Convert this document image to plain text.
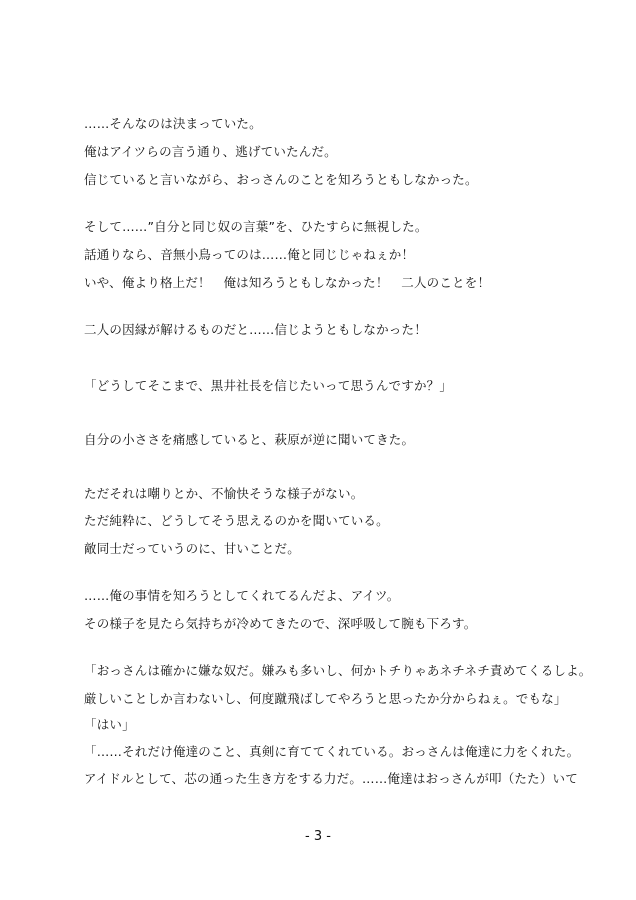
……そんなのは決まっていた。
俺はアイツらの言う通り、逃げていたんだ。
信じていると言いながら、おっさんのことを知ろうともしなかった。
そして……”自分と同じ奴の言葉”を、ひたすらに無視した。
話通りなら、音無小鳥ってのは……俺と同じじゃねぇか！
いや、俺より格上だ！　俺は知ろうともしなかった！　二人のことを！
二人の因縁が解けるものだと……信じようともしなかった！
「どうしてそこまで、黒井社長を信じたいって思うんですか？」
自分の小ささを痛感していると、萩原が逆に聞いてきた。
ただそれは嘲りとか、不愉快そうな様子がない。
ただ純粋に、どうしてそう思えるのかを聞いている。
敵同士だっていうのに、甘いことだ。
……俺の事情を知ろうとしてくれてるんだよ、アイツ。
その様子を見たら気持ちが冷めてきたので、深呼吸して腕も下ろす。
「おっさんは確かに嫌な奴だ。嫌みも多いし、何かトチりゃあネチネチ責めてくるしよ。
厳しいことしか言わないし、何度蹴飛ばしてやろうと思ったか分からねぇ。でもな」
「はい」
「……それだけ俺達のこと、真剣に育ててくれている。おっさんは俺達に力をくれた。
アイドルとして、芯の通った生き方をする力だ。……俺達はおっさんが叩（たた）いて
- 3 -
